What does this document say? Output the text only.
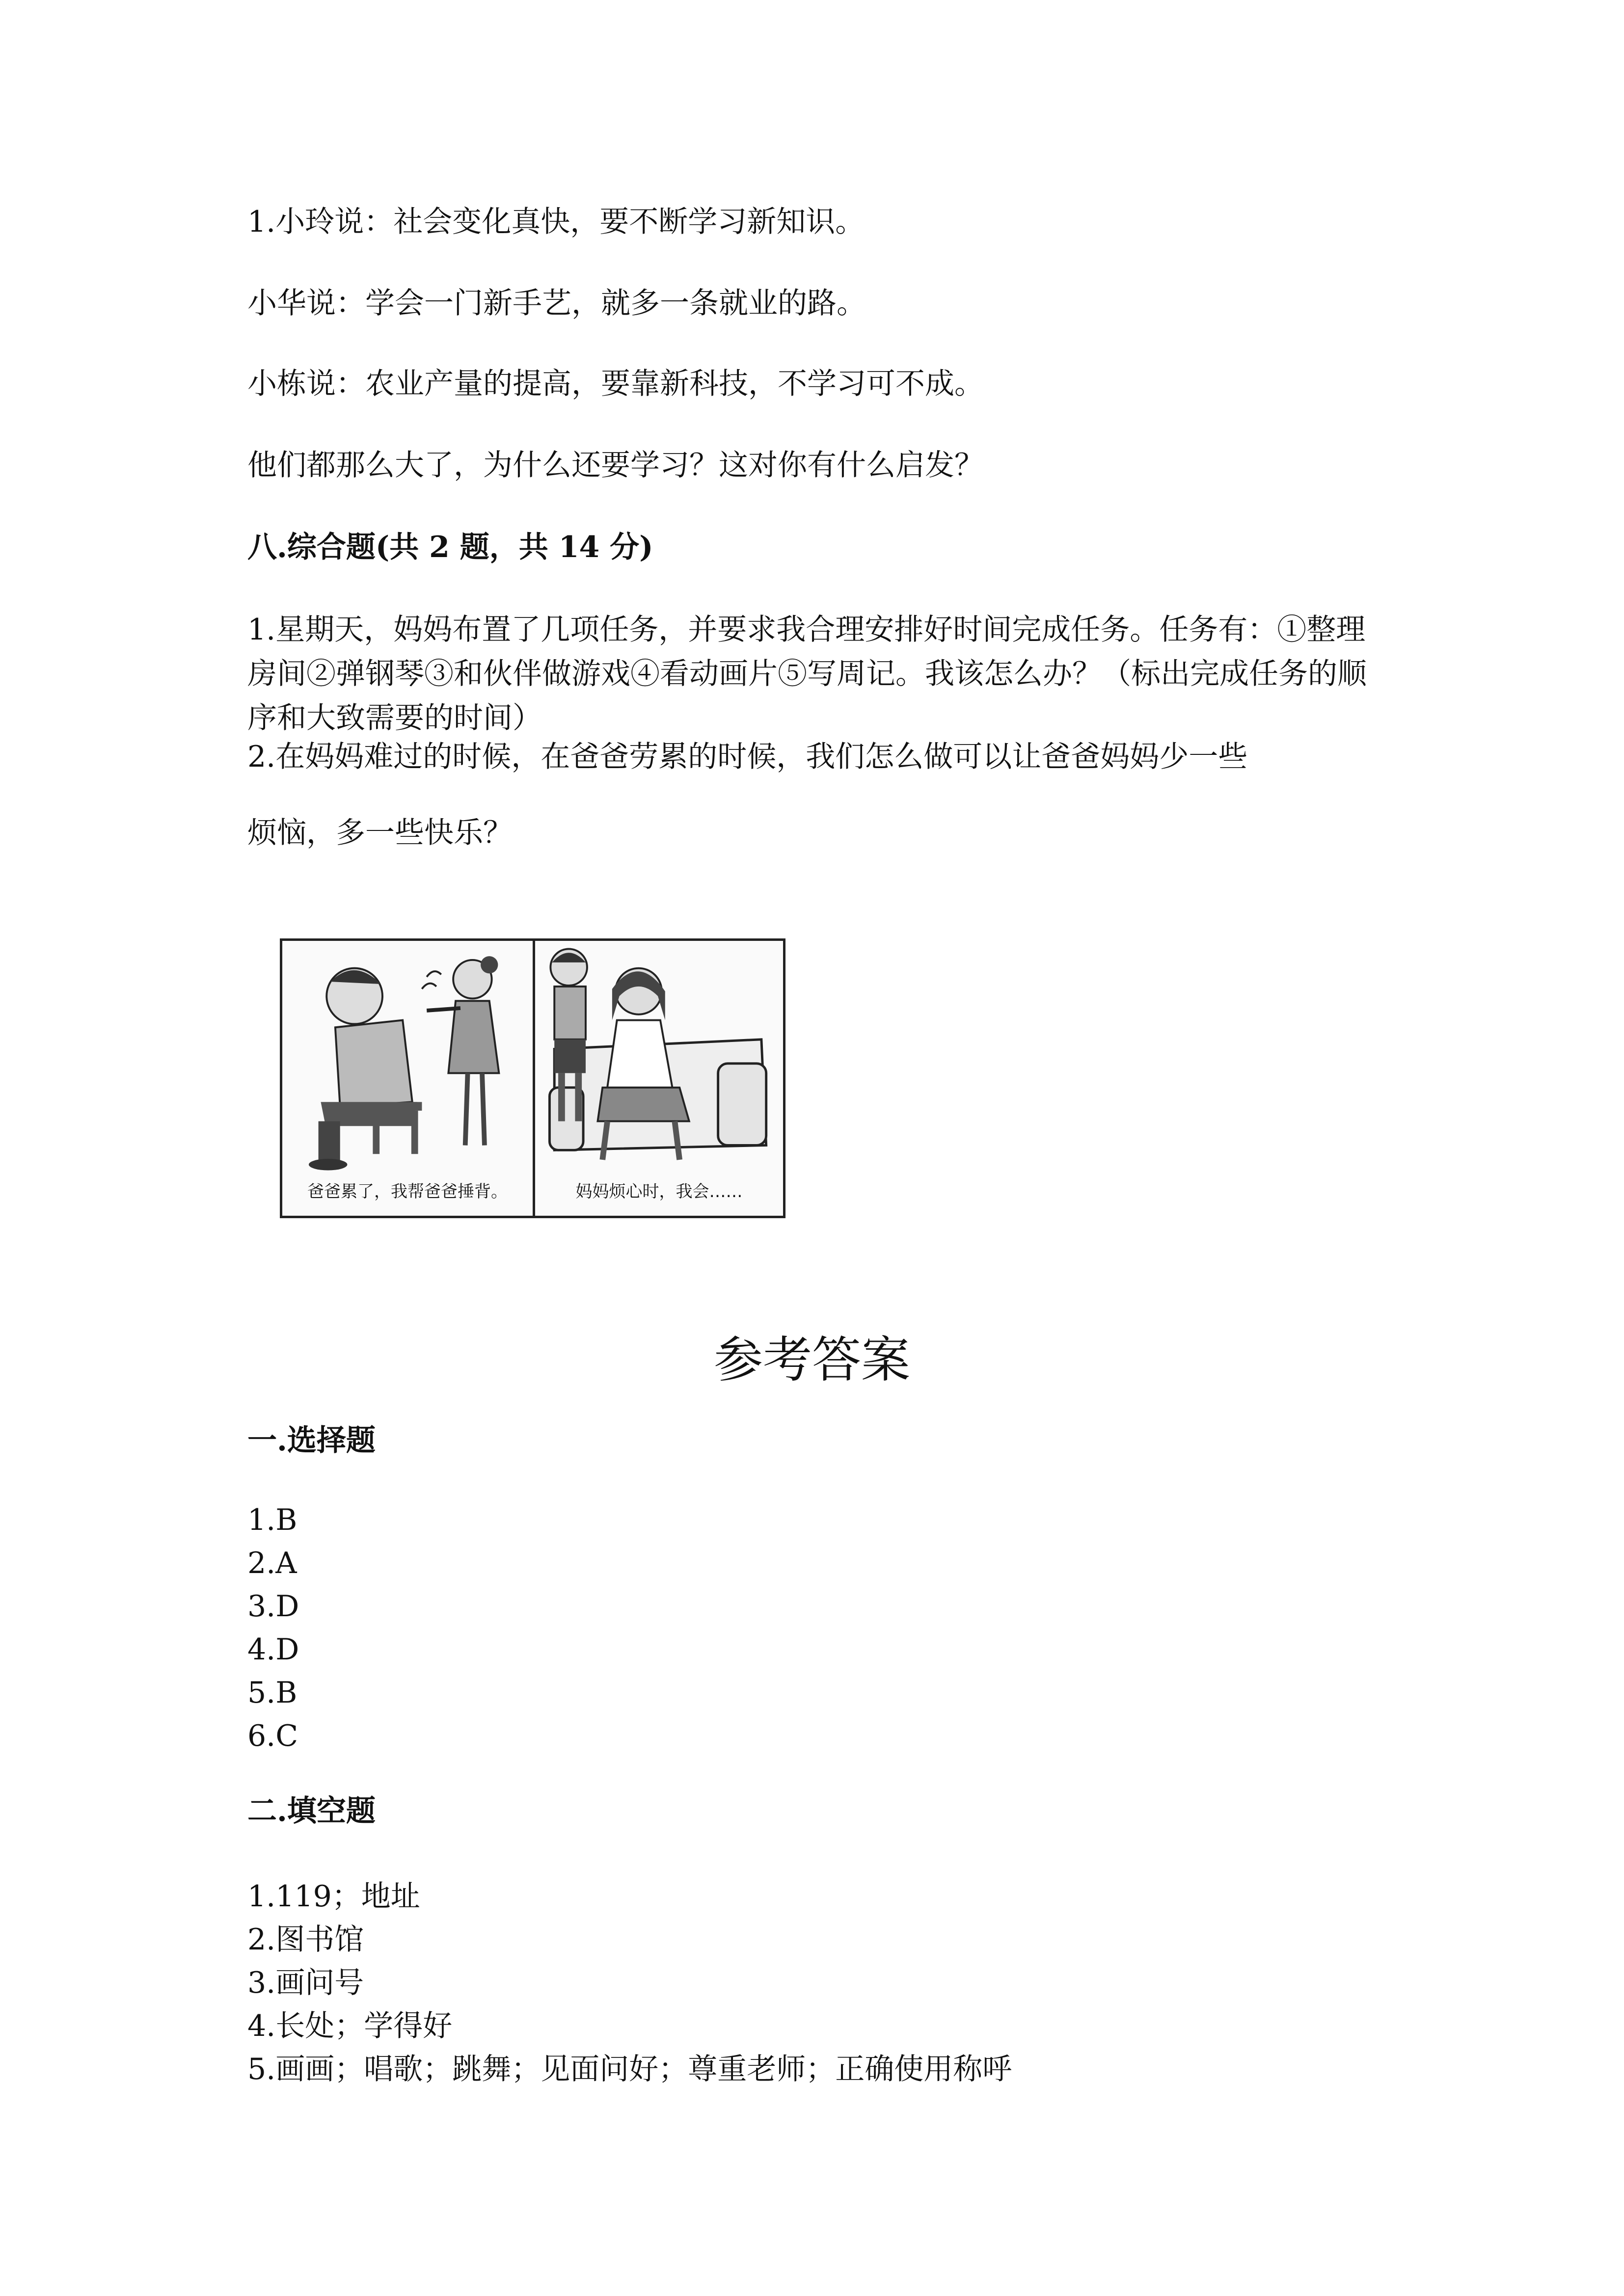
1.小玲说：社会变化真快，要不断学习新知识。

小华说：学会一门新手艺，就多一条就业的路。

小栋说：农业产量的提高，要靠新科技，不学习可不成。

他们都那么大了，为什么还要学习？这对你有什么启发？

八.综合题(共 2 题，共 14 分)

1.星期天，妈妈布置了几项任务，并要求我合理安排好时间完成任务。任务有：①整理房间②弹钢琴③和伙伴做游戏④看动画片⑤写周记。我该怎么办？（标出完成任务的顺序和大致需要的时间）

2.在妈妈难过的时候，在爸爸劳累的时候，我们怎么做可以让爸爸妈妈少一些

烦恼，多一些快乐？

爸爸累了，我帮爸爸捶背。	妈妈烦心时，我会……
参考答案

一.选择题

1.B
2.A
3.D
4.D
5.B
6.C

二.填空题

1.119；地址
2.图书馆
3.画问号
4.长处；学得好
5.画画；唱歌；跳舞；见面问好；尊重老师；正确使用称呼
